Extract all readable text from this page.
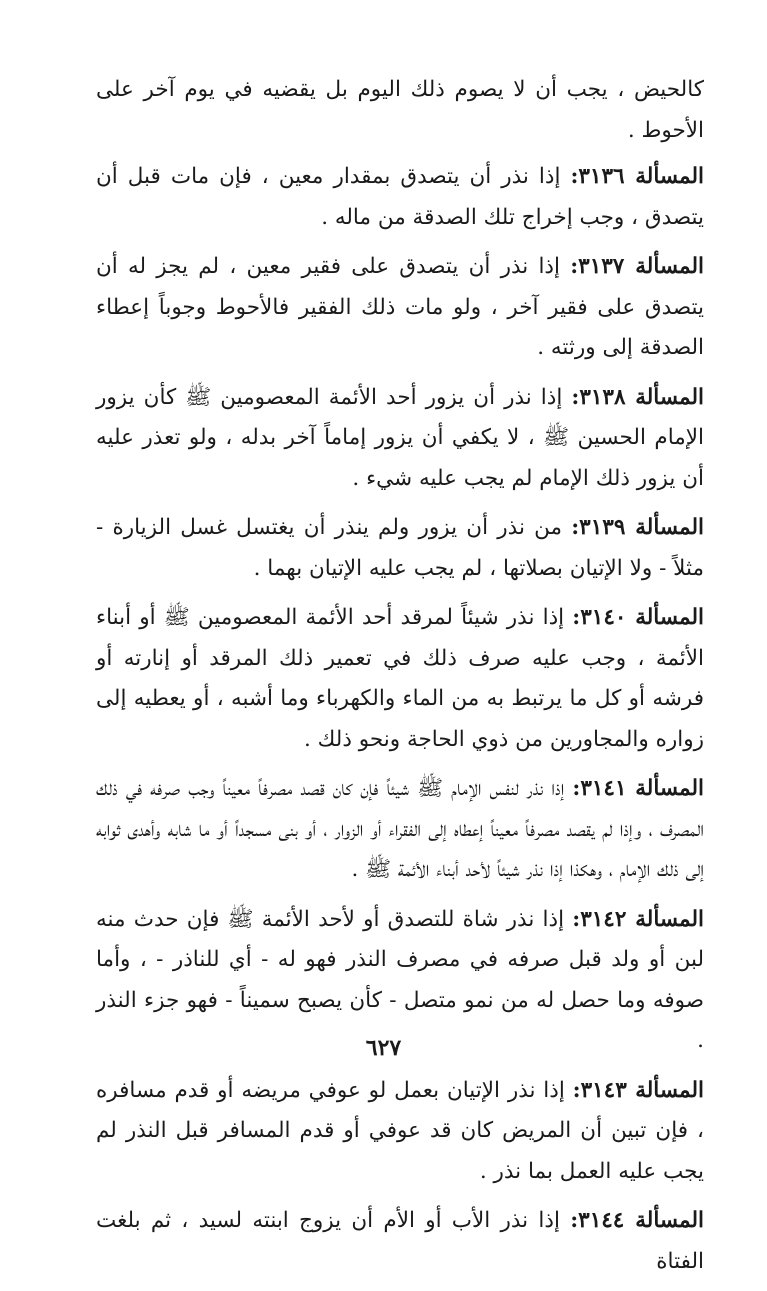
كالحيض ، يجب أن لا يصوم ذلك اليوم بل يقضيه في يوم آخر على الأحوط .

المسألة ٣١٣٦: إذا نذر أن يتصدق بمقدار معين ، فإن مات قبل أن يتصدق ، وجب إخراج تلك الصدقة من ماله .

المسألة ٣١٣٧: إذا نذر أن يتصدق على فقير معين ، لم يجز له أن يتصدق على فقير آخر ، ولو مات ذلك الفقير فالأحوط وجوباً إعطاء الصدقة إلى ورثته .

المسألة ٣١٣٨: إذا نذر أن يزور أحد الأئمة المعصومين ﷺ كأن يزور الإمام الحسين ﷺ ، لا يكفي أن يزور إماماً آخر بدله ، ولو تعذر عليه أن يزور ذلك الإمام لم يجب عليه شيء .

المسألة ٣١٣٩: من نذر أن يزور ولم ينذر أن يغتسل غسل الزيارة - مثلاً - ولا الإتيان بصلاتها ، لم يجب عليه الإتيان بهما .

المسألة ٣١٤٠: إذا نذر شيئاً لمرقد أحد الأئمة المعصومين ﷺ أو أبناء الأئمة ، وجب عليه صرف ذلك في تعمير ذلك المرقد أو إنارته أو فرشه أو كل ما يرتبط به من الماء والكهرباء وما أشبه ، أو يعطيه إلى زواره والمجاورين من ذوي الحاجة ونحو ذلك .

المسألة ٣١٤١: إذا نذر لنفس الإمام ﷺ شيئاً فإن كان قصد مصرفاً معيناً وجب صرفه في ذلك المصرف ، وإذا لم يقصد مصرفاً معيناً إعطاه إلى الفقراء أو الزوار ، أو بنى مسجداً أو ما شابه وأهدى ثوابه إلى ذلك الإمام ، وهكذا إذا نذر شيئاً لأحد أبناء الأئمة ﷺ .

المسألة ٣١٤٢: إذا نذر شاة للتصدق أو لأحد الأئمة ﷺ فإن حدث منه لبن أو ولد قبل صرفه في مصرف النذر فهو له - أي للناذر - ، وأما صوفه وما حصل له من نمو متصل - كأن يصبح سميناً - فهو جزء النذر .

المسألة ٣١٤٣: إذا نذر الإتيان بعمل لو عوفي مريضه أو قدم مسافره ، فإن تبين أن المريض كان قد عوفي أو قدم المسافر قبل النذر لم يجب عليه العمل بما نذر .

المسألة ٣١٤٤: إذا نذر الأب أو الأم أن يزوج ابنته لسيد ، ثم بلغت الفتاة

٦٢٧
